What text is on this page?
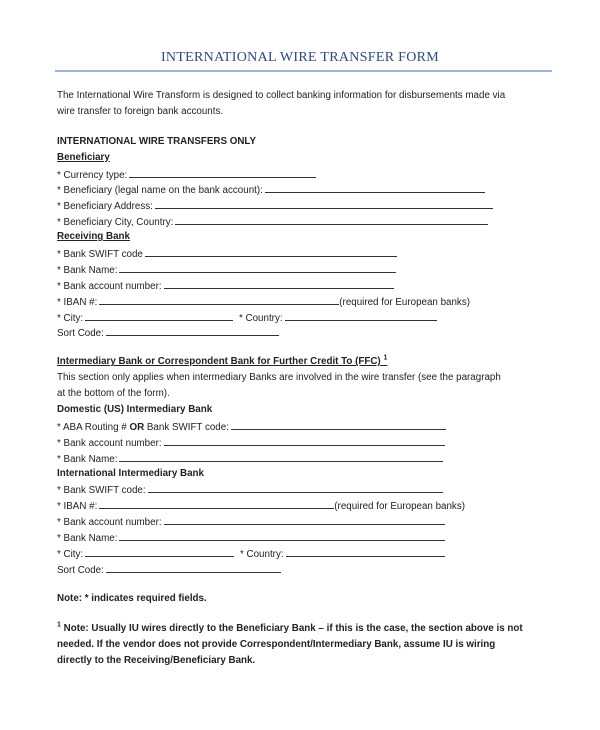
INTERNATIONAL WIRE TRANSFER FORM
The International Wire Transform is designed to collect banking information for disbursements made via
wire transfer to foreign bank accounts.
INTERNATIONAL WIRE TRANSFERS ONLY
Beneficiary
* Currency type:
* Beneficiary (legal name on the bank account):
* Beneficiary Address:
* Beneficiary City, Country:
Receiving Bank
* Bank SWIFT code
* Bank Name:
* Bank account number:
* IBAN #:	(required for European banks)
* City:	* Country:
Sort Code:
Intermediary Bank or Correspondent Bank for Further Credit To (FFC) $^1$
This section only applies when intermediary Banks are involved in the wire transfer (see the paragraph
at the bottom of the form).
Domestic (US) Intermediary Bank
* ABA Routing # OR Bank SWIFT code:
* Bank account number:
* Bank Name:
International Intermediary Bank
* Bank SWIFT code:
* IBAN #:	(required for European banks)
* Bank account number:
* Bank Name:
* City:	* Country:
Sort Code:
Note: * indicates required fields.
$^1$ Note: Usually IU wires directly to the Beneficiary Bank – if this is the case, the section above is not
needed. If the vendor does not provide Correspondent/Intermediary Bank, assume IU is wiring
directly to the Receiving/Beneficiary Bank.
